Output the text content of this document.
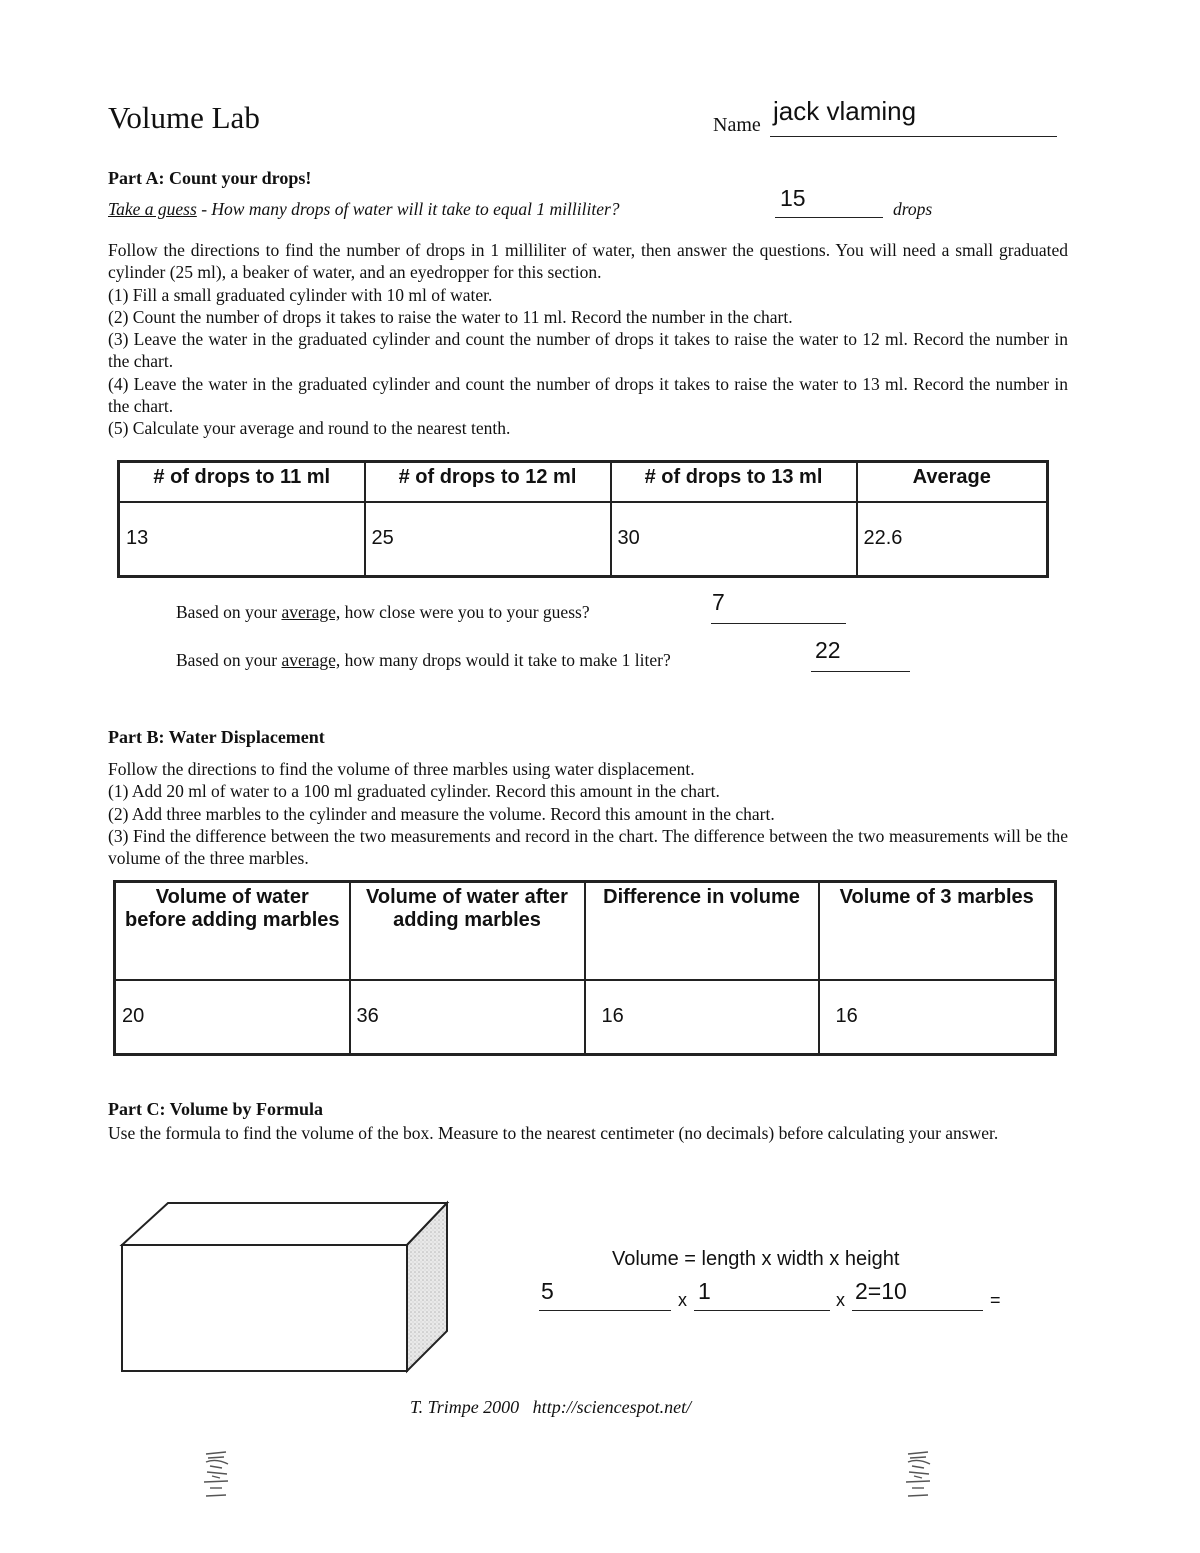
Volume Lab	Name jack vlaming
Part A: Count your drops!
Take a guess - How many drops of water will it take to equal 1 milliliter?	15	drops
Follow the directions to find the number of drops in 1 milliliter of water, then answer the questions. You will need a small graduated cylinder (25 ml), a beaker of water, and an eyedropper for this section.
(1) Fill a small graduated cylinder with 10 ml of water.
(2) Count the number of drops it takes to raise the water to 11 ml. Record the number in the chart.
(3) Leave the water in the graduated cylinder and count the number of drops it takes to raise the water to 12 ml. Record the number in the chart.
(4) Leave the water in the graduated cylinder and count the number of drops it takes to raise the water to 13 ml. Record the number in the chart.
(5) Calculate your average and round to the nearest tenth.
# of drops to 11 ml	# of drops to 12 ml	# of drops to 13 ml	Average
13	25	30	22.6
Based on your average, how close were you to your guess?	7
Based on your average, how many drops would it take to make 1 liter?	22
Part B: Water Displacement
Follow the directions to find the volume of three marbles using water displacement.
(1) Add 20 ml of water to a 100 ml graduated cylinder. Record this amount in the chart.
(2) Add three marbles to the cylinder and measure the volume. Record this amount in the chart.
(3) Find the difference between the two measurements and record in the chart. The difference between the two measurements will be the volume of the three marbles.
Volume of water before adding marbles	Volume of water after adding marbles	Difference in volume	Volume of 3 marbles
20	36	16	16
Part C: Volume by Formula
Use the formula to find the volume of the box. Measure to the nearest centimeter (no decimals) before calculating your answer.
Volume = length x width x height
5	x 1	x 2=10	=
T. Trimpe 2000   http://sciencespot.net/
